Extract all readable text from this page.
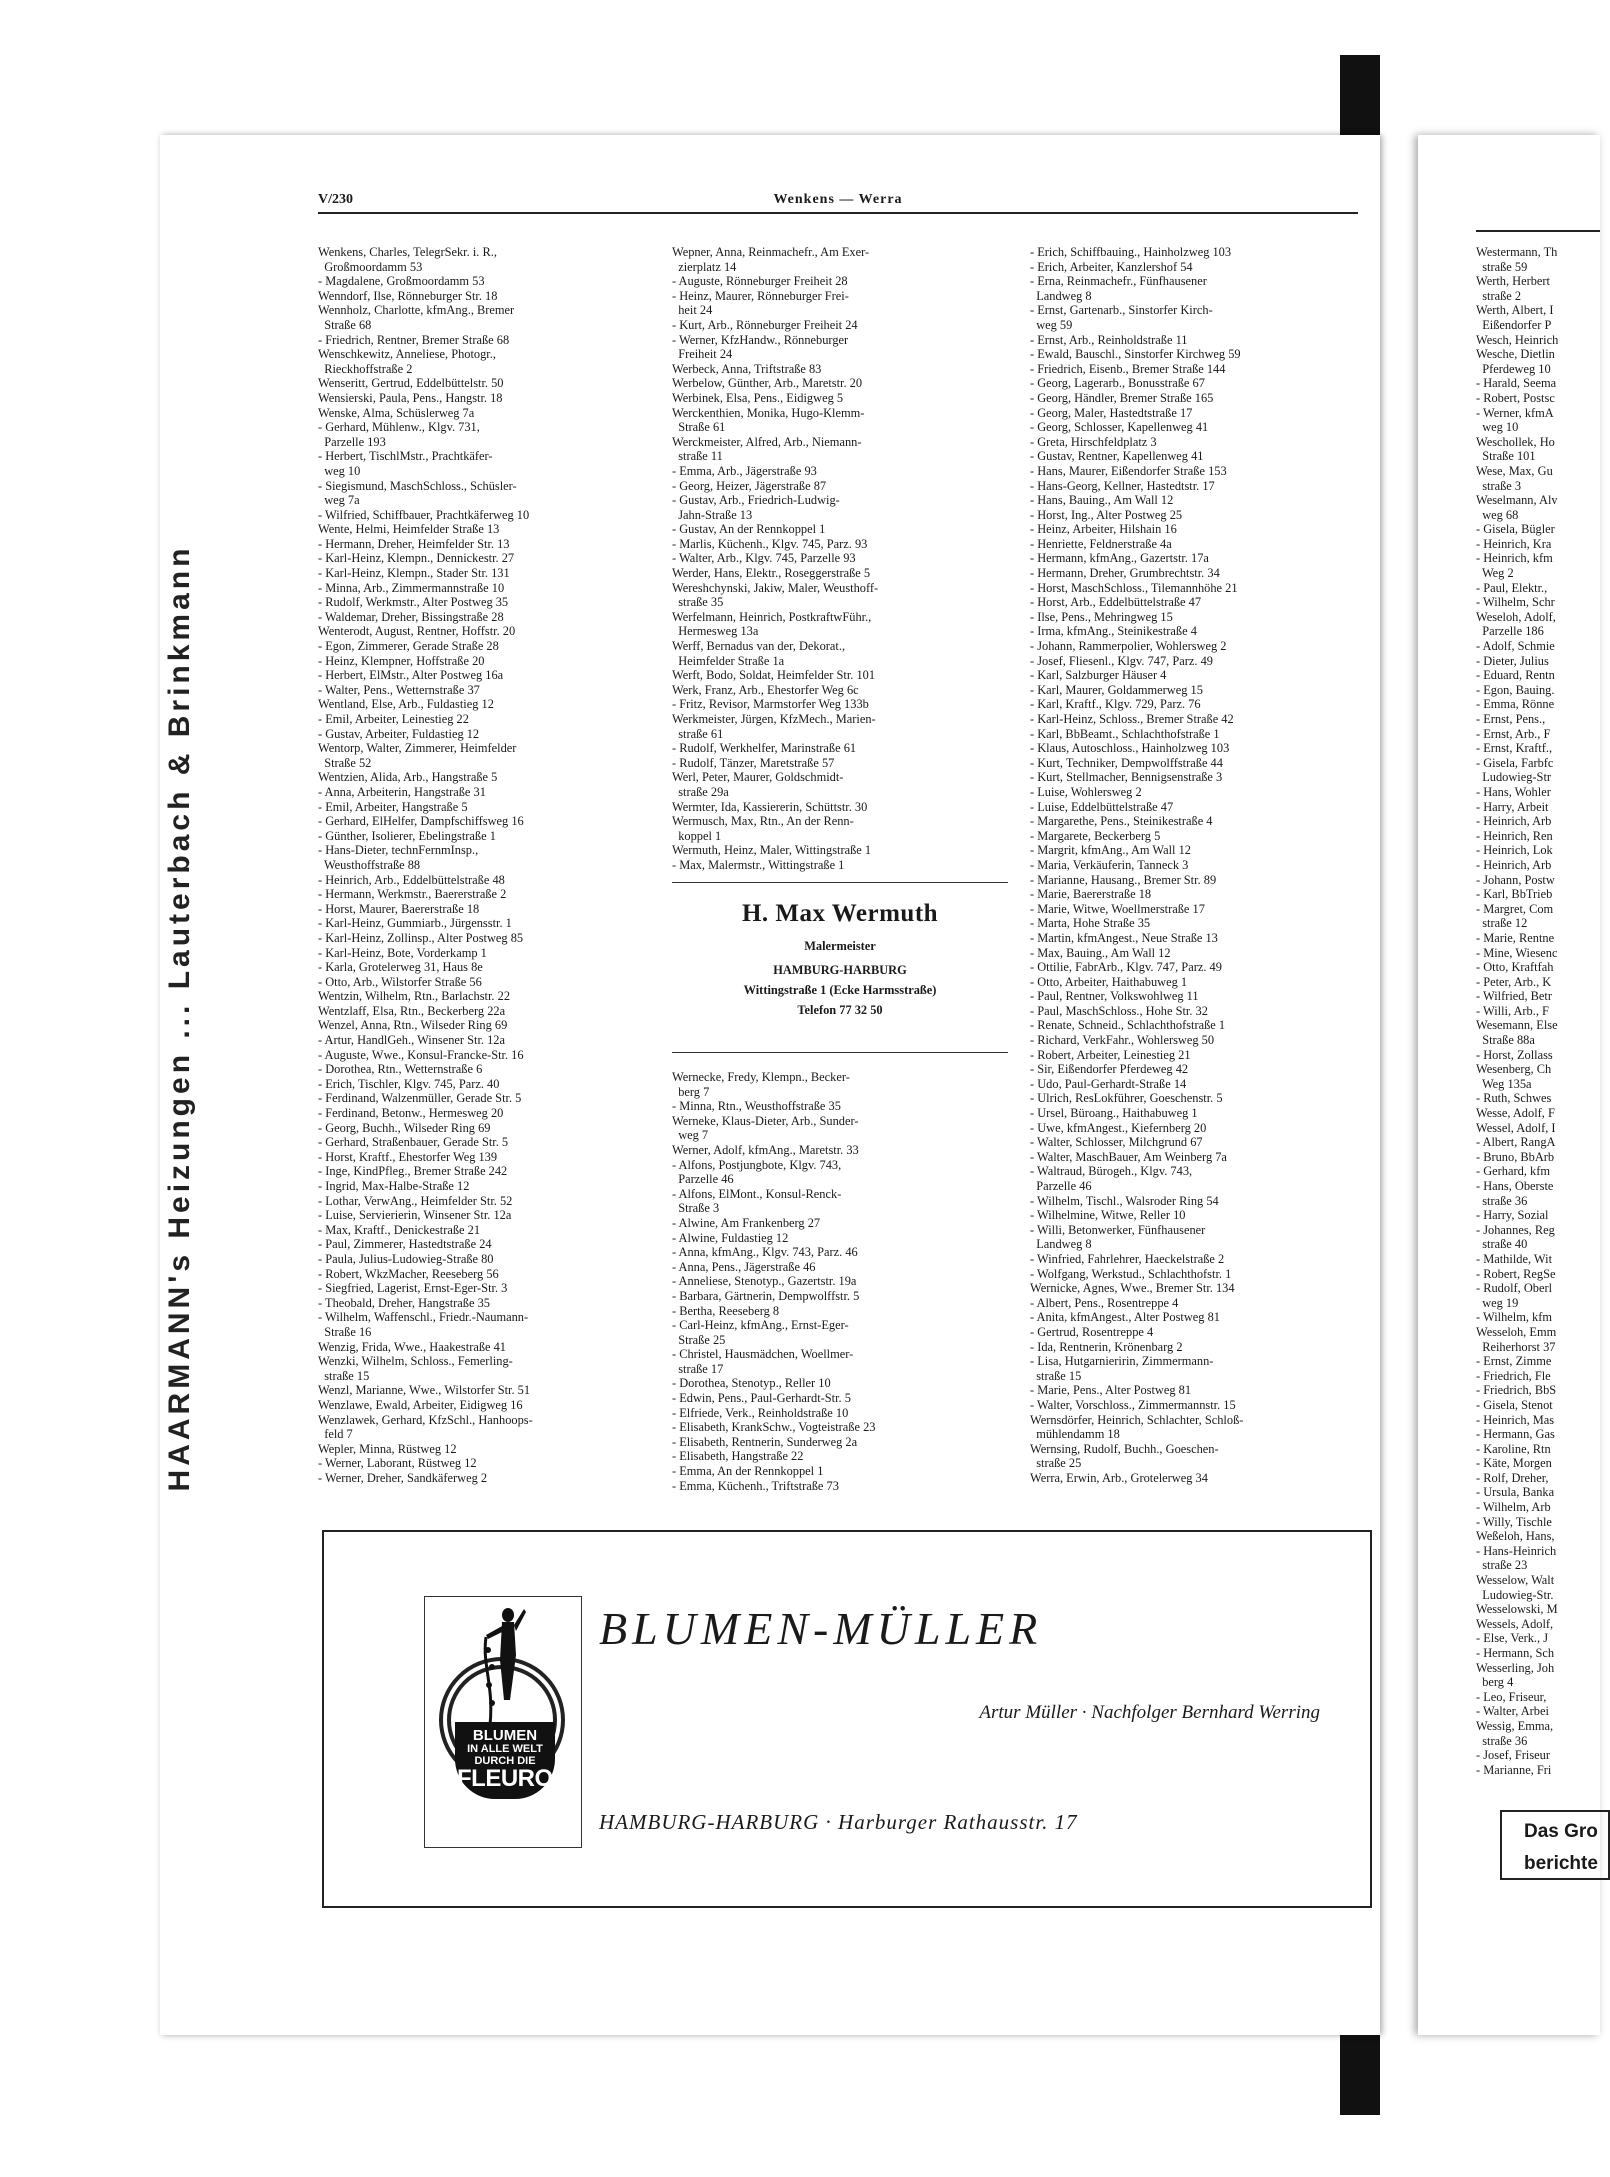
HAARMANN's Heizungen ... Lauterbach & Brinkmann
V/230	Wenkens — Werra
Wenkens, Charles, TelegrSekr. i. R.,
Großmoordamm 53
- Magdalene, Großmoordamm 53
Wenndorf, Ilse, Rönneburger Str. 18
Wennholz, Charlotte, kfmAng., Bremer
Straße 68
- Friedrich, Rentner, Bremer Straße 68
Wenschkewitz, Anneliese, Photogr.,
Rieckhoffstraße 2
Wenseritt, Gertrud, Eddelbüttelstr. 50
Wensierski, Paula, Pens., Hangstr. 18
Wenske, Alma, Schüslerweg 7a
- Gerhard, Mühlenw., Klgv. 731,
Parzelle 193
- Herbert, TischlMstr., Prachtkäfer-
weg 10
- Siegismund, MaschSchloss., Schüsler-
weg 7a
- Wilfried, Schiffbauer, Prachtkäferweg 10
Wente, Helmi, Heimfelder Straße 13
- Hermann, Dreher, Heimfelder Str. 13
- Karl-Heinz, Klempn., Dennickestr. 27
- Karl-Heinz, Klempn., Stader Str. 131
- Minna, Arb., Zimmermannstraße 10
- Rudolf, Werkmstr., Alter Postweg 35
- Waldemar, Dreher, Bissingstraße 28
Wenterodt, August, Rentner, Hoffstr. 20
- Egon, Zimmerer, Gerade Straße 28
- Heinz, Klempner, Hoffstraße 20
- Herbert, ElMstr., Alter Postweg 16a
- Walter, Pens., Wetternstraße 37
Wentland, Else, Arb., Fuldastieg 12
- Emil, Arbeiter, Leinestieg 22
- Gustav, Arbeiter, Fuldastieg 12
Wentorp, Walter, Zimmerer, Heimfelder
Straße 52
Wentzien, Alida, Arb., Hangstraße 5
- Anna, Arbeiterin, Hangstraße 31
- Emil, Arbeiter, Hangstraße 5
- Gerhard, ElHelfer, Dampfschiffsweg 16
- Günther, Isolierer, Ebelingstraße 1
- Hans-Dieter, technFernmInsp.,
Weusthoffstraße 88
- Heinrich, Arb., Eddelbüttelstraße 48
- Hermann, Werkmstr., Baererstraße 2
- Horst, Maurer, Baererstraße 18
- Karl-Heinz, Gummiarb., Jürgensstr. 1
- Karl-Heinz, Zollinsp., Alter Postweg 85
- Karl-Heinz, Bote, Vorderkamp 1
- Karla, Grotelerweg 31, Haus 8e
- Otto, Arb., Wilstorfer Straße 56
Wentzin, Wilhelm, Rtn., Barlachstr. 22
Wentzlaff, Elsa, Rtn., Beckerberg 22a
Wenzel, Anna, Rtn., Wilseder Ring 69
- Artur, HandlGeh., Winsener Str. 12a
- Auguste, Wwe., Konsul-Francke-Str. 16
- Dorothea, Rtn., Wetternstraße 6
- Erich, Tischler, Klgv. 745, Parz. 40
- Ferdinand, Walzenmüller, Gerade Str. 5
- Ferdinand, Betonw., Hermesweg 20
- Georg, Buchh., Wilseder Ring 69
- Gerhard, Straßenbauer, Gerade Str. 5
- Horst, Kraftf., Ehestorfer Weg 139
- Inge, KindPfleg., Bremer Straße 242
- Ingrid, Max-Halbe-Straße 12
- Lothar, VerwAng., Heimfelder Str. 52
- Luise, Servierierin, Winsener Str. 12a
- Max, Kraftf., Denickestraße 21
- Paul, Zimmerer, Hastedtstraße 24
- Paula, Julius-Ludowieg-Straße 80
- Robert, WkzMacher, Reeseberg 56
- Siegfried, Lagerist, Ernst-Eger-Str. 3
- Theobald, Dreher, Hangstraße 35
- Wilhelm, Waffenschl., Friedr.-Naumann-
Straße 16
Wenzig, Frida, Wwe., Haakestraße 41
Wenzki, Wilhelm, Schloss., Femerling-
straße 15
Wenzl, Marianne, Wwe., Wilstorfer Str. 51
Wenzlawe, Ewald, Arbeiter, Eidigweg 16
Wenzlawek, Gerhard, KfzSchl., Hanhoops-
feld 7
Wepler, Minna, Rüstweg 12
- Werner, Laborant, Rüstweg 12
- Werner, Dreher, Sandkäferweg 2
Wepner, Anna, Reinmachefr., Am Exer-
zierplatz 14
- Auguste, Rönneburger Freiheit 28
- Heinz, Maurer, Rönneburger Frei-
heit 24
- Kurt, Arb., Rönneburger Freiheit 24
- Werner, KfzHandw., Rönneburger
Freiheit 24
Werbeck, Anna, Triftstraße 83
Werbelow, Günther, Arb., Maretstr. 20
Werbinek, Elsa, Pens., Eidigweg 5
Werckenthien, Monika, Hugo-Klemm-
Straße 61
Werckmeister, Alfred, Arb., Niemann-
straße 11
- Emma, Arb., Jägerstraße 93
- Georg, Heizer, Jägerstraße 87
- Gustav, Arb., Friedrich-Ludwig-
Jahn-Straße 13
- Gustav, An der Rennkoppel 1
- Marlis, Küchenh., Klgv. 745, Parz. 93
- Walter, Arb., Klgv. 745, Parzelle 93
Werder, Hans, Elektr., Roseggerstraße 5
Wereshchynski, Jakiw, Maler, Weusthoff-
straße 35
Werfelmann, Heinrich, PostkraftwFühr.,
Hermesweg 13a
Werff, Bernadus van der, Dekorat.,
Heimfelder Straße 1a
Werft, Bodo, Soldat, Heimfelder Str. 101
Werk, Franz, Arb., Ehestorfer Weg 6c
- Fritz, Revisor, Marmstorfer Weg 133b
Werkmeister, Jürgen, KfzMech., Marien-
straße 61
- Rudolf, Werkhelfer, Marinstraße 61
- Rudolf, Tänzer, Maretstraße 57
Werl, Peter, Maurer, Goldschmidt-
straße 29a
Wermter, Ida, Kassiererin, Schüttstr. 30
Wermusch, Max, Rtn., An der Renn-
koppel 1
Wermuth, Heinz, Maler, Wittingstraße 1
- Max, Malermstr., Wittingstraße 1
H. Max Wermuth
Malermeister
HAMBURG-HARBURG
Wittingstraße 1 (Ecke Harmsstraße)
Telefon 77 32 50
Wernecke, Fredy, Klempn., Becker-
berg 7
- Minna, Rtn., Weusthoffstraße 35
Werneke, Klaus-Dieter, Arb., Sunder-
weg 7
Werner, Adolf, kfmAng., Maretstr. 33
- Alfons, Postjungbote, Klgv. 743,
Parzelle 46
- Alfons, ElMont., Konsul-Renck-
Straße 3
- Alwine, Am Frankenberg 27
- Alwine, Fuldastieg 12
- Anna, kfmAng., Klgv. 743, Parz. 46
- Anna, Pens., Jägerstraße 46
- Anneliese, Stenotyp., Gazertstr. 19a
- Barbara, Gärtnerin, Dempwolffstr. 5
- Bertha, Reeseberg 8
- Carl-Heinz, kfmAng., Ernst-Eger-
Straße 25
- Christel, Hausmädchen, Woellmer-
straße 17
- Dorothea, Stenotyp., Reller 10
- Edwin, Pens., Paul-Gerhardt-Str. 5
- Elfriede, Verk., Reinholdstraße 10
- Elisabeth, KrankSchw., Vogteistraße 23
- Elisabeth, Rentnerin, Sunderweg 2a
- Elisabeth, Hangstraße 22
- Emma, An der Rennkoppel 1
- Emma, Küchenh., Triftstraße 73
- Erich, Schiffbauing., Hainholzweg 103
- Erich, Arbeiter, Kanzlershof 54
- Erna, Reinmachefr., Fünfhausener
Landweg 8
- Ernst, Gartenarb., Sinstorfer Kirch-
weg 59
- Ernst, Arb., Reinholdstraße 11
- Ewald, Bauschl., Sinstorfer Kirchweg 59
- Friedrich, Eisenb., Bremer Straße 144
- Georg, Lagerarb., Bonusstraße 67
- Georg, Händler, Bremer Straße 165
- Georg, Maler, Hastedtstraße 17
- Georg, Schlosser, Kapellenweg 41
- Greta, Hirschfeldplatz 3
- Gustav, Rentner, Kapellenweg 41
- Hans, Maurer, Eißendorfer Straße 153
- Hans-Georg, Kellner, Hastedtstr. 17
- Hans, Bauing., Am Wall 12
- Horst, Ing., Alter Postweg 25
- Heinz, Arbeiter, Hilshain 16
- Henriette, Feldnerstraße 4a
- Hermann, kfmAng., Gazertstr. 17a
- Hermann, Dreher, Grumbrechtstr. 34
- Horst, MaschSchloss., Tilemannhöhe 21
- Horst, Arb., Eddelbüttelstraße 47
- Ilse, Pens., Mehringweg 15
- Irma, kfmAng., Steinikestraße 4
- Johann, Rammerpolier, Wohlersweg 2
- Josef, Fliesenl., Klgv. 747, Parz. 49
- Karl, Salzburger Häuser 4
- Karl, Maurer, Goldammerweg 15
- Karl, Kraftf., Klgv. 729, Parz. 76
- Karl-Heinz, Schloss., Bremer Straße 42
- Karl, BbBeamt., Schlachthofstraße 1
- Klaus, Autoschloss., Hainholzweg 103
- Kurt, Techniker, Dempwolffstraße 44
- Kurt, Stellmacher, Bennigsenstraße 3
- Luise, Wohlersweg 2
- Luise, Eddelbüttelstraße 47
- Margarethe, Pens., Steinikestraße 4
- Margarete, Beckerberg 5
- Margrit, kfmAng., Am Wall 12
- Maria, Verkäuferin, Tanneck 3
- Marianne, Hausang., Bremer Str. 89
- Marie, Baererstraße 18
- Marie, Witwe, Woellmerstraße 17
- Marta, Hohe Straße 35
- Martin, kfmAngest., Neue Straße 13
- Max, Bauing., Am Wall 12
- Ottilie, FabrArb., Klgv. 747, Parz. 49
- Otto, Arbeiter, Haithabuweg 1
- Paul, Rentner, Volkswohlweg 11
- Paul, MaschSchloss., Hohe Str. 32
- Renate, Schneid., Schlachthofstraße 1
- Richard, VerkFahr., Wohlersweg 50
- Robert, Arbeiter, Leinestieg 21
- Sir, Eißendorfer Pferdeweg 42
- Udo, Paul-Gerhardt-Straße 14
- Ulrich, ResLokführer, Goeschenstr. 5
- Ursel, Büroang., Haithabuweg 1
- Uwe, kfmAngest., Kiefernberg 20
- Walter, Schlosser, Milchgrund 67
- Walter, MaschBauer, Am Weinberg 7a
- Waltraud, Bürogeh., Klgv. 743,
Parzelle 46
- Wilhelm, Tischl., Walsroder Ring 54
- Wilhelmine, Witwe, Reller 10
- Willi, Betonwerker, Fünfhausener
Landweg 8
- Winfried, Fahrlehrer, Haeckelstraße 2
- Wolfgang, Werkstud., Schlachthofstr. 1
Wernicke, Agnes, Wwe., Bremer Str. 134
- Albert, Pens., Rosentreppe 4
- Anita, kfmAngest., Alter Postweg 81
- Gertrud, Rosentreppe 4
- Ida, Rentnerin, Krönenbarg 2
- Lisa, Hutgarnieririn, Zimmermann-
straße 15
- Marie, Pens., Alter Postweg 81
- Walter, Vorschloss., Zimmermannstr. 15
Wernsdörfer, Heinrich, Schlachter, Schloß-
mühlendamm 18
Wernsing, Rudolf, Buchh., Goeschen-
straße 25
Werra, Erwin, Arb., Grotelerweg 34
BLUMEN
IN ALLE WELT
DURCH DIE
FLEUROP
BLUMEN-MÜLLER
Artur Müller · Nachfolger Bernhard Werring
HAMBURG-HARBURG · Harburger Rathausstr. 17
Westermann, Th
straße 59
Werth, Herbert
straße 2
Werth, Albert, I
Eißendorfer P
Wesch, Heinrich
Wesche, Dietlin
Pferdeweg 10
- Harald, Seema
- Robert, Postsc
- Werner, kfmA
weg 10
Weschollek, Ho
Straße 101
Wese, Max, Gu
straße 3
Weselmann, Alv
weg 68
- Gisela, Bügler
- Heinrich, Kra
- Heinrich, kfm
Weg 2
- Paul, Elektr.,
- Wilhelm, Schr
Weseloh, Adolf,
Parzelle 186
- Adolf, Schmie
- Dieter, Julius
- Eduard, Rentn
- Egon, Bauing.
- Emma, Rönne
- Ernst, Pens.,
- Ernst, Arb., F
- Ernst, Kraftf.,
- Gisela, Farbfc
Ludowieg-Str
- Hans, Wohler
- Harry, Arbeit
- Heinrich, Arb
- Heinrich, Ren
- Heinrich, Lok
- Heinrich, Arb
- Johann, Postw
- Karl, BbTrieb
- Margret, Com
straße 12
- Marie, Rentne
- Mine, Wiesenc
- Otto, Kraftfah
- Peter, Arb., K
- Wilfried, Betr
- Willi, Arb., F
Wesemann, Else
Straße 88a
- Horst, Zollass
Wesenberg, Ch
Weg 135a
- Ruth, Schwes
Wesse, Adolf, F
Wessel, Adolf, I
- Albert, RangA
- Bruno, BbArb
- Gerhard, kfm
- Hans, Oberste
straße 36
- Harry, Sozial
- Johannes, Reg
straße 40
- Mathilde, Wit
- Robert, RegSe
- Rudolf, Oberl
weg 19
- Wilhelm, kfm
Wesseloh, Emm
Reiherhorst 37
- Ernst, Zimme
- Friedrich, Fle
- Friedrich, BbS
- Gisela, Stenot
- Heinrich, Mas
- Hermann, Gas
- Karoline, Rtn
- Käte, Morgen
- Rolf, Dreher,
- Ursula, Banka
- Wilhelm, Arb
- Willy, Tischle
Weßeloh, Hans,
- Hans-Heinrich
straße 23
Wesselow, Walt
Ludowieg-Str.
Wesselowski, M
Wessels, Adolf,
- Else, Verk., J
- Hermann, Sch
Wesserling, Joh
berg 4
- Leo, Friseur,
- Walter, Arbei
Wessig, Emma,
straße 36
- Josef, Friseur
- Marianne, Fri
Das Gro
berichte
